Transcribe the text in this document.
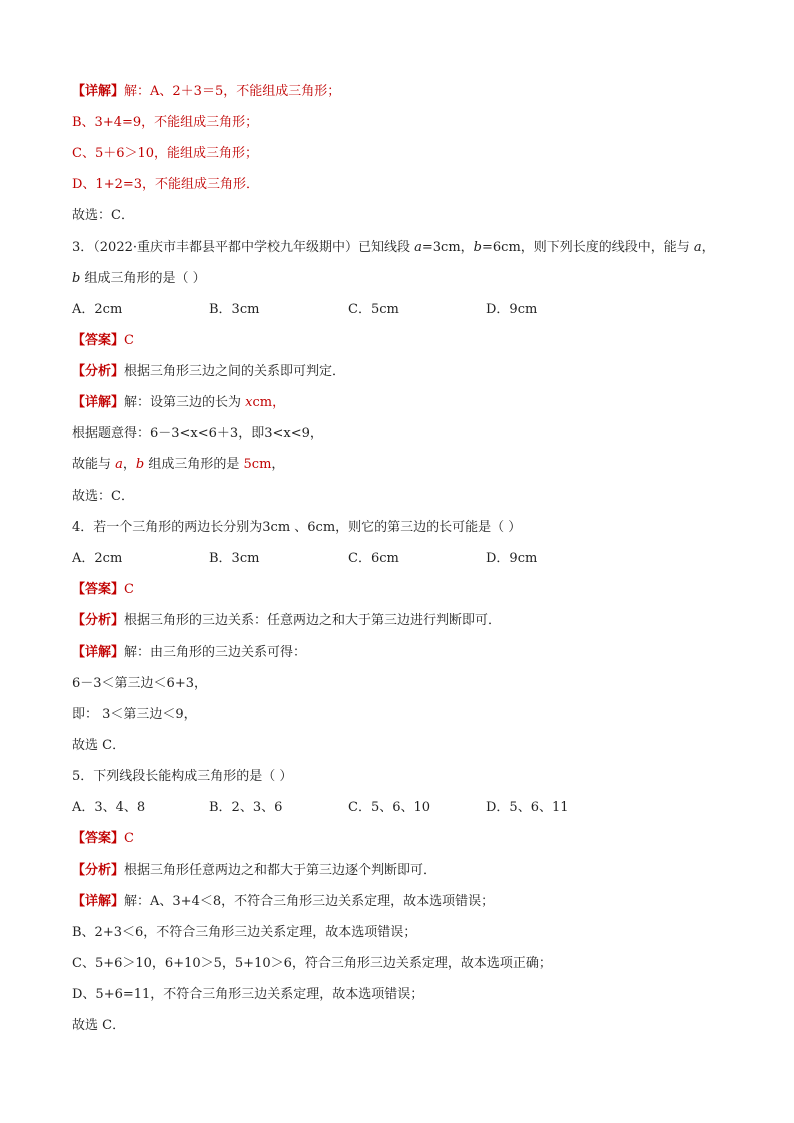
【详解】解：A、2＋3＝5，不能组成三角形；
B、3+4=9，不能组成三角形；
C、5＋6＞10，能组成三角形；
D、1+2=3，不能组成三角形．
故选：C．
3．（2022·重庆市丰都县平都中学校九年级期中）已知线段 a=3cm，b=6cm，则下列长度的线段中，能与 a，
b 组成三角形的是（ ）
A．2cm	B．3cm	C．5cm	D．9cm
【答案】C
【分析】根据三角形三边之间的关系即可判定．
【详解】解：设第三边的长为 xcm，
根据题意得：6－3<x<6＋3，即3<x<9，
故能与 a，b 组成三角形的是 5cm，
故选：C．
4．若一个三角形的两边长分别为3cm 、6cm，则它的第三边的长可能是（ ）
A．2cm	B．3cm	C．6cm	D．9cm
【答案】C
【分析】根据三角形的三边关系：任意两边之和大于第三边进行判断即可．
【详解】解：由三角形的三边关系可得：
6－3＜第三边＜6+3，
即： 3＜第三边＜9，
故选 C．
5．下列线段长能构成三角形的是（ ）
A．3、4、8	B．2、3、6	C．5、6、10	D．5、6、11
【答案】C
【分析】根据三角形任意两边之和都大于第三边逐个判断即可．
【详解】解：A、3+4＜8，不符合三角形三边关系定理，故本选项错误；
B、2+3＜6，不符合三角形三边关系定理，故本选项错误；
C、5+6＞10，6+10＞5，5+10＞6，符合三角形三边关系定理，故本选项正确；
D、5+6=11，不符合三角形三边关系定理，故本选项错误；
故选 C．
